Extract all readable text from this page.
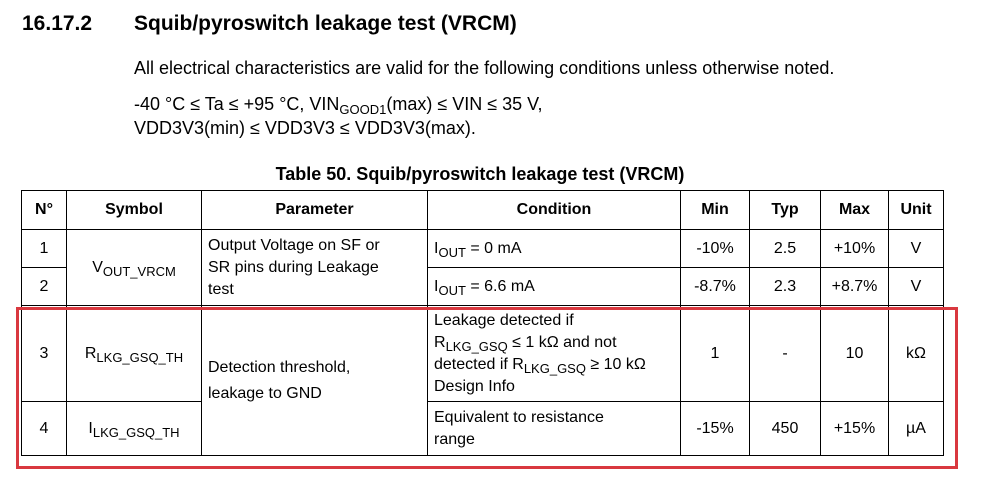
16.17.2 Squib/pyroswitch leakage test (VRCM)
All electrical characteristics are valid for the following conditions unless otherwise noted.
-40 °C ≤ Ta ≤ +95 °C, $VIN_{GOOD1}(\max)$ ≤ VIN ≤ 35 V,
VDD3V3(min) ≤ VDD3V3 ≤ VDD3V3(max).
Table 50. Squib/pyroswitch leakage test (VRCM)
N°	Symbol	Parameter	Condition	Min	Typ	Max	Unit
1	$V_{OUT\_VRCM}$	Output Voltage on SF or
SR pins during Leakage
test	$I_{OUT} = 0$ mA	-10%	2.5	+10%	V
2			$I_{OUT} = 6.6$ mA	-8.7%	2.3	+8.7%	V
3	$R_{LKG\_GSQ\_TH}$	Detection threshold,
leakage to GND	Leakage detected if
$R_{LKG\_GSQ} \le 1$ kΩ and not
detected if $R_{LKG\_GSQ} \ge 10$ kΩ
Design Info	1	-	10	kΩ
4	$I_{LKG\_GSQ\_TH}$		Equivalent to resistance
range	-15%	450	+15%	µA
